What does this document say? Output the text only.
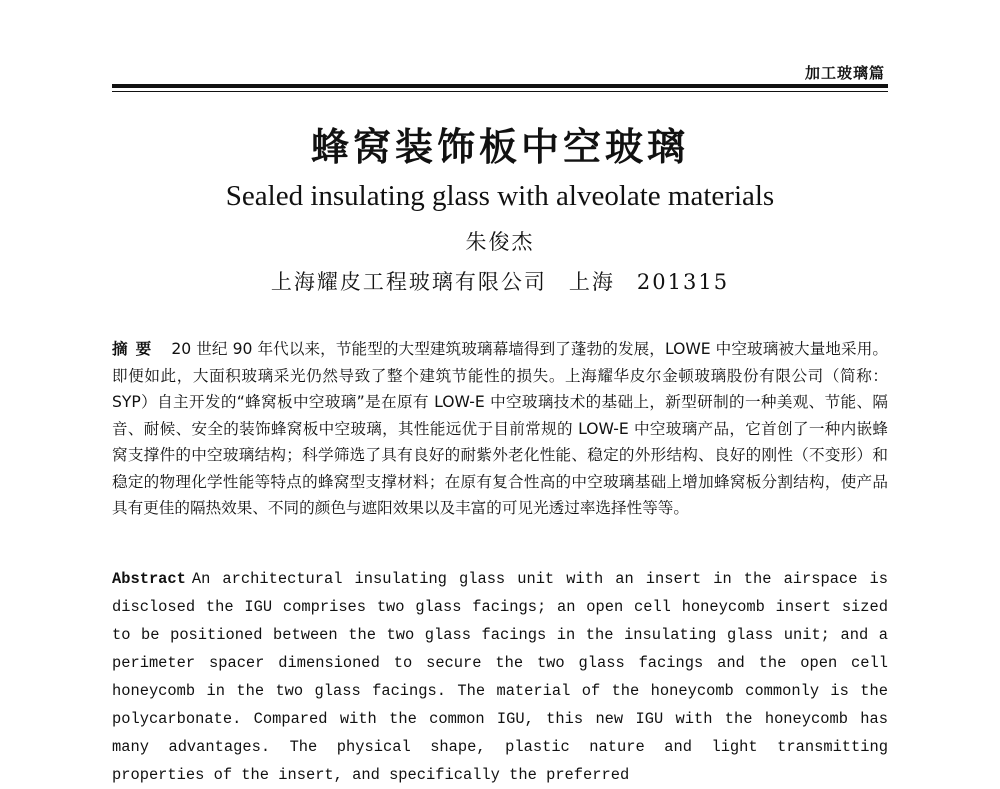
加工玻璃篇
蜂窝装饰板中空玻璃
Sealed insulating glass with alveolate materials
朱俊杰
上海耀皮工程玻璃有限公司 上海 201315
摘要 20 世纪 90 年代以来，节能型的大型建筑玻璃幕墙得到了蓬勃的发展，LOWE 中空玻璃被大量地采用。即便如此，大面积玻璃采光仍然导致了整个建筑节能性的损失。上海耀华皮尔金顿玻璃股份有限公司（简称：SYP）自主开发的“蜂窝板中空玻璃”是在原有 LOW-E 中空玻璃技术的基础上，新型研制的一种美观、节能、隔音、耐候、安全的装饰蜂窝板中空玻璃，其性能远优于目前常规的 LOW-E 中空玻璃产品，它首创了一种内嵌蜂窝支撑件的中空玻璃结构；科学筛选了具有良好的耐紫外老化性能、稳定的外形结构、良好的刚性（不变形）和稳定的物理化学性能等特点的蜂窝型支撑材料；在原有复合性高的中空玻璃基础上增加蜂窝板分割结构，使产品具有更佳的隔热效果、不同的颜色与遮阳效果以及丰富的可见光透过率选择性等等。
Abstract An architectural insulating glass unit with an insert in the airspace is disclosed the IGU comprises two glass facings; an open cell honeycomb insert sized to be positioned between the two glass facings in the insulating glass unit; and a perimeter spacer dimensioned to secure the two glass facings and the open cell honeycomb in the two glass facings. The material of the honeycomb commonly is the polycarbonate. Compared with the common IGU, this new IGU with the honeycomb has many advantages. The physical shape, plastic nature and light transmitting properties of the insert, and specifically the preferred
